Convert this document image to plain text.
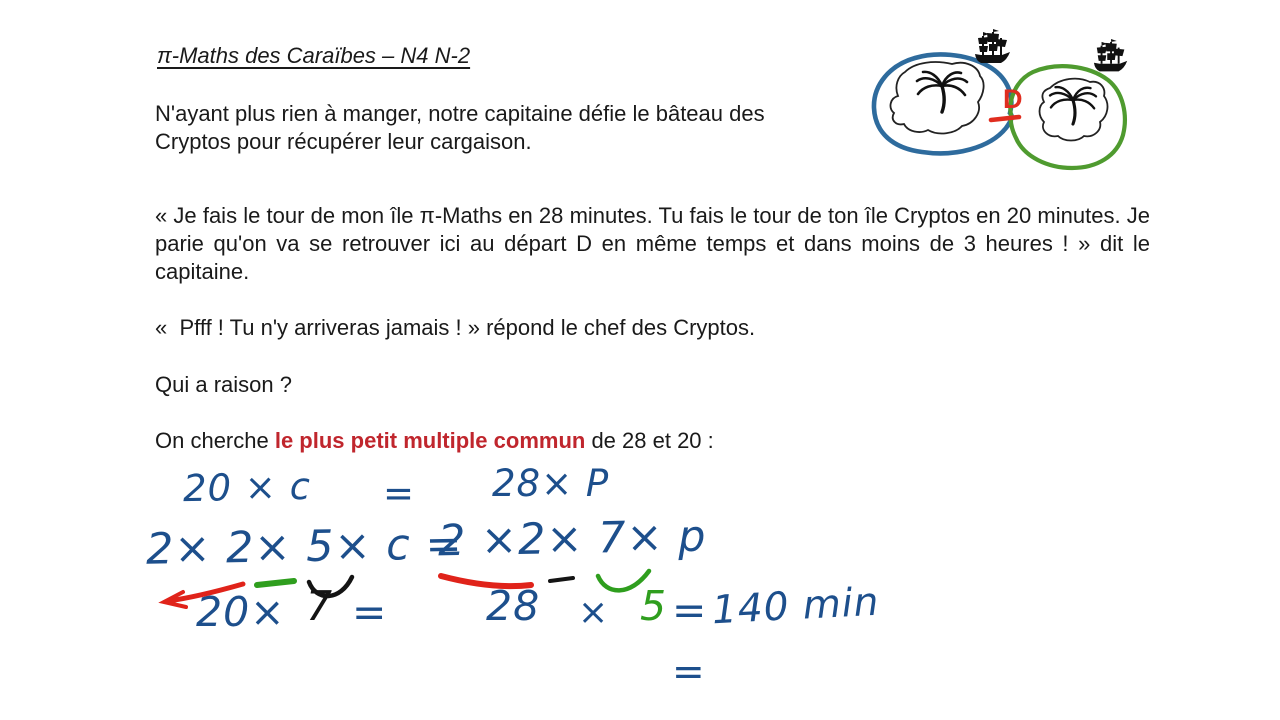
π-Maths des Caraïbes – N4 N-2

N'ayant plus rien à manger, notre capitaine défie le bâteau des Cryptos pour récupérer leur cargaison.

« Je fais le tour de mon île π-Maths en 28 minutes. Tu fais le tour de ton île Cryptos en 20 minutes. Je parie qu'on va se retrouver ici au départ D en même temps et dans moins de 3 heures ! » dit le capitaine.

«  Pfff ! Tu n'y arriveras jamais ! » répond le chef des Cryptos.

Qui a raison ?

On cherche le plus petit multiple commun de 28 et 20 :

D
20 × c = 28× P
2× 2× 5× c =
2 ×2× 7× p
20× 7 = 28 × 5 = 140 min
=
